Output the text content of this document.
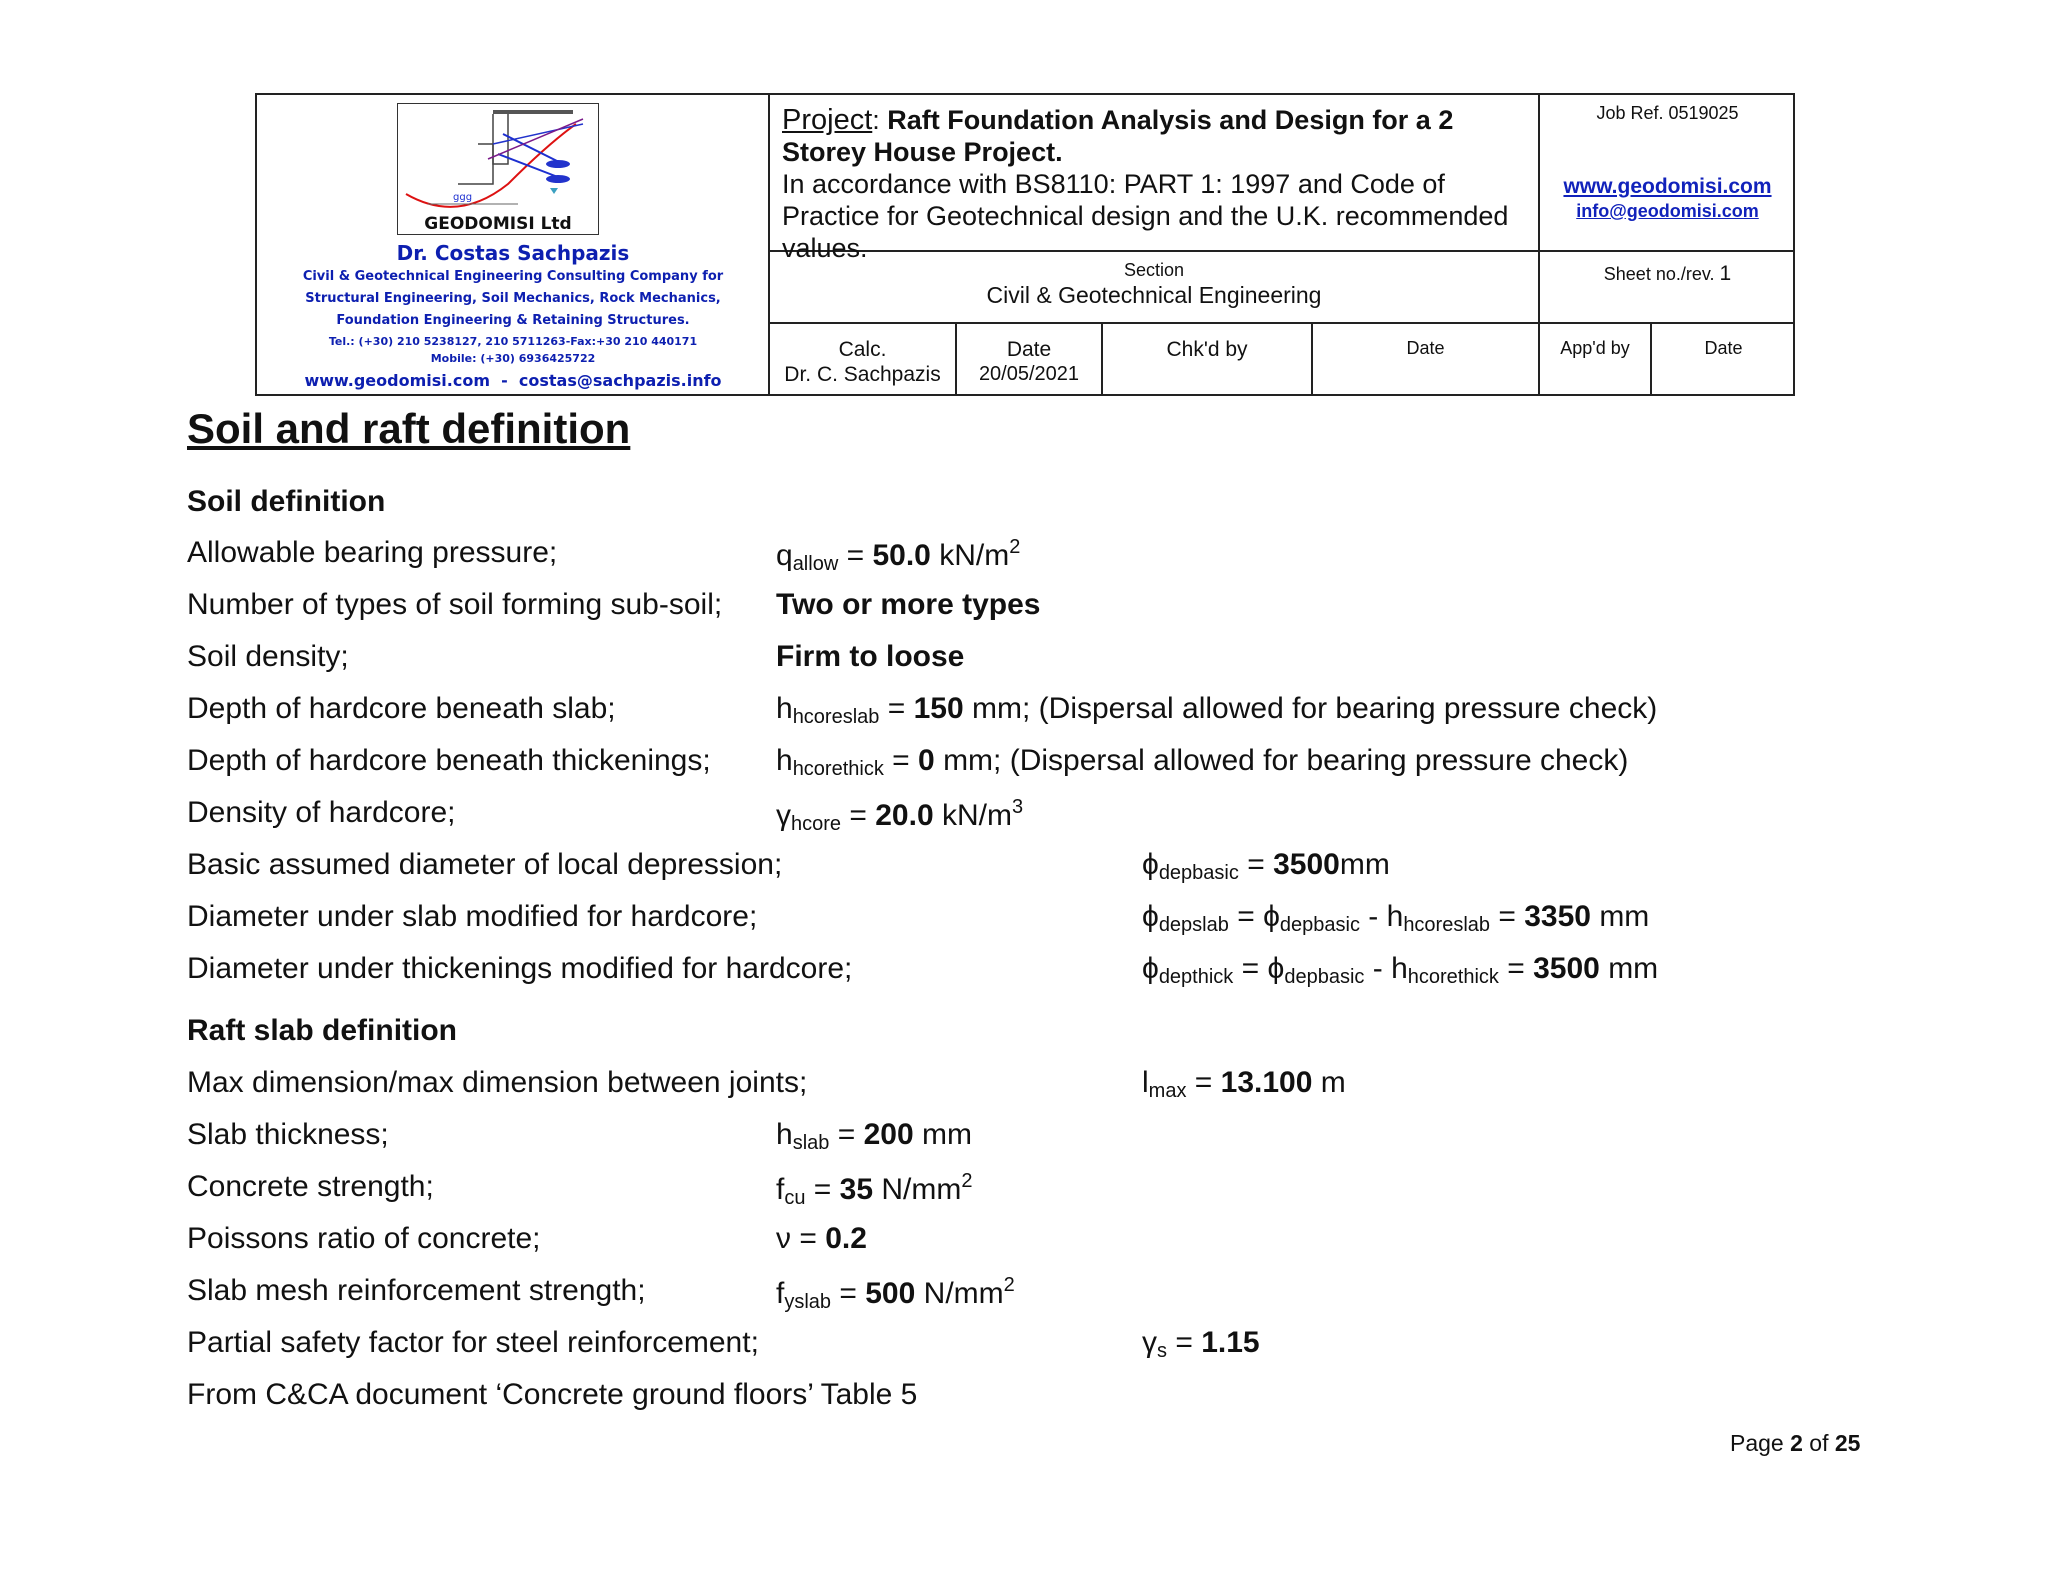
ggg
GEODOMISI Ltd
Dr. Costas Sachpazis
Civil & Geotechnical Engineering Consulting Company for
Structural Engineering, Soil Mechanics, Rock Mechanics,
Foundation Engineering & Retaining Structures.
Tel.: (+30) 210 5238127, 210 5711263-Fax:+30 210 440171
Mobile: (+30) 6936425722
www.geodomisi.com  -  costas@sachpazis.info
Project: Raft Foundation Analysis and Design for a 2 Storey House Project.
In accordance with BS8110: PART 1: 1997 and Code of Practice for Geotechnical design and the U.K. recommended values.
Job Ref. 0519025
www.geodomisi.com
info@geodomisi.com
Section
Civil & Geotechnical Engineering
Sheet no./rev. 1
Calc.
Dr. C. Sachpazis
Date
20/05/2021
Chk'd by	Date	App'd by	Date
Soil and raft definition
Soil definition
Allowable bearing pressure;	$q_{allow} = 50.0$ $kN/m^2$
Number of types of soil forming sub-soil; Two or more types
Soil density;	Firm to loose
Depth of hardcore beneath slab;	$h_{hcoreslab} = 150$ mm; (Dispersal allowed for bearing pressure check)
Depth of hardcore beneath thickenings; $h_{hcorethick} = 0$ mm; (Dispersal allowed for bearing pressure check)
Density of hardcore;	$\gamma_{hcore} = 20.0$ $kN/m^3$
Basic assumed diameter of local depression;	$\phi_{depbasic} = 3500mm$
Diameter under slab modified for hardcore;	$\phi_{depslab} = \phi_{depbasic} - h_{hcoreslab} = 3350$ mm
Diameter under thickenings modified for hardcore;	$\phi_{depthick} = \phi_{depbasic} - h_{hcorethick} = 3500$ mm
Raft slab definition
Max dimension/max dimension between joints;	$l_{max} = 13.100$ m
Slab thickness;	$h_{slab} = 200$ mm
Concrete strength;	$f_{cu} = 35$ $N/mm^2$
Poissons ratio of concrete;	ν = 0.2
Slab mesh reinforcement strength;	$f_{yslab} = 500$ $N/mm^2$
Partial safety factor for steel reinforcement;	$\gamma_s = 1.15$
From C&CA document ‘Concrete ground floors’ Table 5
Page 2 of 25
